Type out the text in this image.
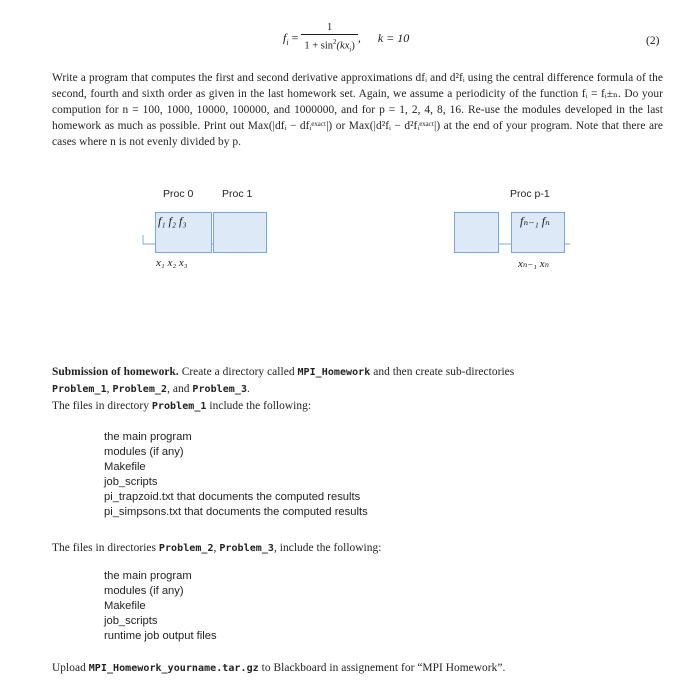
$f_i = \frac{1}{1 + \sin^2(kx_i)}$ , k = 10	(2)

Write a program that computes the first and second derivative approximations dfᵢ and d²fᵢ using the central difference formula of the second, fourth and sixth order as given in the last homework set. Again, we assume a periodicity of the function fᵢ = fᵢ±ₙ. Do your compution for n = 100, 1000, 10000, 100000, and 1000000, and for p = 1, 2, 4, 8, 16. Re-use the modules developed in the last homework as much as possible. Print out Max(|dfᵢ − dfᵢᵉˣᵃᶜᵗ|) or Max(|d²fᵢ − d²fᵢᵉˣᵃᶜᵗ|) at the end of your program. Note that there are cases where n is not evenly divided by p.

Proc 0	Proc 1	Proc p-1
f₁ f₂ f₃
x₁ x₂ x₃
fₙ₋₁ fₙ
xₙ₋₁ xₙ
Submission of homework. Create a directory called MPI_Homework and then create sub-directories
Problem_1, Problem_2, and Problem_3.
The files in directory Problem_1 include the following:
the main program
modules (if any)
Makefile
job_scripts
pi_trapzoid.txt that documents the computed results
pi_simpsons.txt that documents the computed results
The files in directories Problem_2, Problem_3, include the following:
the main program
modules (if any)
Makefile
job_scripts
runtime job output files
Upload MPI_Homework_yourname.tar.gz to Blackboard in assignement for “MPI Homework”.
